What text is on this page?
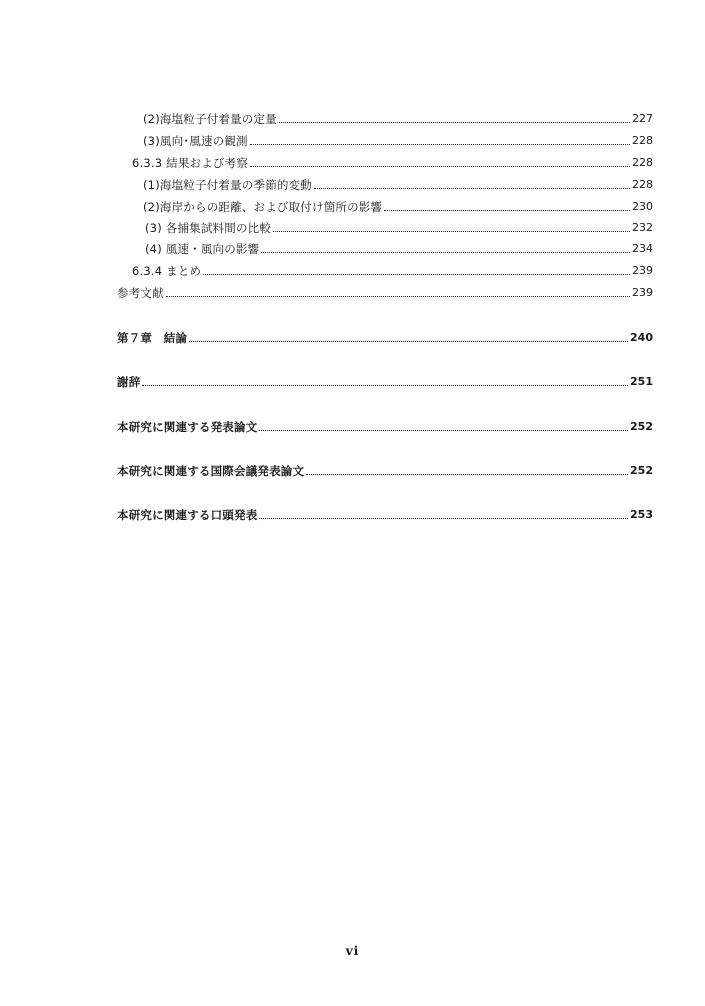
(2)海塩粒子付着量の定量	227
(3)風向･風速の観測	228
6.3.3 結果および考察	228
(1)海塩粒子付着量の季節的変動	228
(2)海岸からの距離、および取付け箇所の影響	230
(3) 各捕集試料間の比較	232
(4) 風速・風向の影響	234
6.3.4 まとめ	239
参考文献	239
第７章　結論	240
謝辞	251
本研究に関連する発表論文	252
本研究に関連する国際会議発表論文	252
本研究に関連する口頭発表	253
vi
